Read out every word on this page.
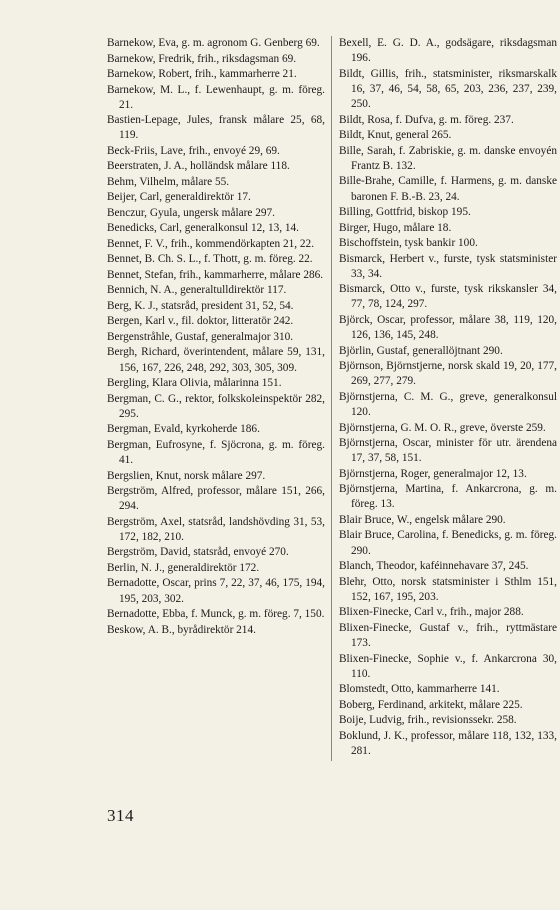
Barnekow, Eva, g. m. agronom G. Genberg 69.

Barnekow, Fredrik, frih., riksdagsman 69.

Barnekow, Robert, frih., kammarherre 21.

Barnekow, M. L., f. Lewenhaupt, g. m. föreg. 21.

Bastien-Lepage, Jules, fransk målare 25, 68, 119.

Beck-Friis, Lave, frih., envoyé 29, 69.

Beerstraten, J. A., holländsk målare 118.

Behm, Vilhelm, målare 55.

Beijer, Carl, generaldirektör 17.

Benczur, Gyula, ungersk målare 297.

Benedicks, Carl, generalkonsul 12, 13, 14.

Bennet, F. V., frih., kommendörkapten 21, 22.

Bennet, B. Ch. S. L., f. Thott, g. m. föreg. 22.

Bennet, Stefan, frih., kammarherre, målare 286.

Bennich, N. A., generaltulldirektör 117.

Berg, K. J., statsråd, president 31, 52, 54.

Bergen, Karl v., fil. doktor, litteratör 242.

Bergenstråhle, Gustaf, generalmajor 310.

Bergh, Richard, överintendent, målare 59, 131, 156, 167, 226, 248, 292, 303, 305, 309.

Bergling, Klara Olivia, målarinna 151.

Bergman, C. G., rektor, folkskoleinspektör 282, 295.

Bergman, Evald, kyrkoherde 186.

Bergman, Eufrosyne, f. Sjöcrona, g. m. föreg. 41.

Bergslien, Knut, norsk målare 297.

Bergström, Alfred, professor, målare 151, 266, 294.

Bergström, Axel, statsråd, landshövding 31, 53, 172, 182, 210.

Bergström, David, statsråd, envoyé 270.

Berlin, N. J., generaldirektör 172.

Bernadotte, Oscar, prins 7, 22, 37, 46, 175, 194, 195, 203, 302.

Bernadotte, Ebba, f. Munck, g. m. föreg. 7, 150.

Beskow, A. B., byrådirektör 214.

Bexell, E. G. D. A., godsägare, riksdagsman 196.

Bildt, Gillis, frih., statsminister, riksmarskalk 16, 37, 46, 54, 58, 65, 203, 236, 237, 239, 250.

Bildt, Rosa, f. Dufva, g. m. föreg. 237.

Bildt, Knut, general 265.

Bille, Sarah, f. Zabriskie, g. m. danske envoyén Frantz B. 132.

Bille-Brahe, Camille, f. Harmens, g. m. danske baronen F. B.-B. 23, 24.

Billing, Gottfrid, biskop 195.

Birger, Hugo, målare 18.

Bischoffstein, tysk bankir 100.

Bismarck, Herbert v., furste, tysk statsminister 33, 34.

Bismarck, Otto v., furste, tysk rikskansler 34, 77, 78, 124, 297.

Björck, Oscar, professor, målare 38, 119, 120, 126, 136, 145, 248.

Björlin, Gustaf, generallöjtnant 290.

Björnson, Björnstjerne, norsk skald 19, 20, 177, 269, 277, 279.

Björnstjerna, C. M. G., greve, generalkonsul 120.

Björnstjerna, G. M. O. R., greve, överste 259.

Björnstjerna, Oscar, minister för utr. ärendena 17, 37, 58, 151.

Björnstjerna, Roger, generalmajor 12, 13.

Björnstjerna, Martina, f. Ankarcrona, g. m. föreg. 13.

Blair Bruce, W., engelsk målare 290.

Blair Bruce, Carolina, f. Benedicks, g. m. föreg. 290.

Blanch, Theodor, kaféinnehavare 37, 245.

Blehr, Otto, norsk statsminister i Sthlm 151, 152, 167, 195, 203.

Blixen-Finecke, Carl v., frih., major 288.

Blixen-Finecke, Gustaf v., frih., ryttmästare 173.

Blixen-Finecke, Sophie v., f. Ankarcrona 30, 110.

Blomstedt, Otto, kammarherre 141.

Boberg, Ferdinand, arkitekt, målare 225.

Boije, Ludvig, frih., revisionssekr. 258.

Boklund, J. K., professor, målare 118, 132, 133, 281.

314
